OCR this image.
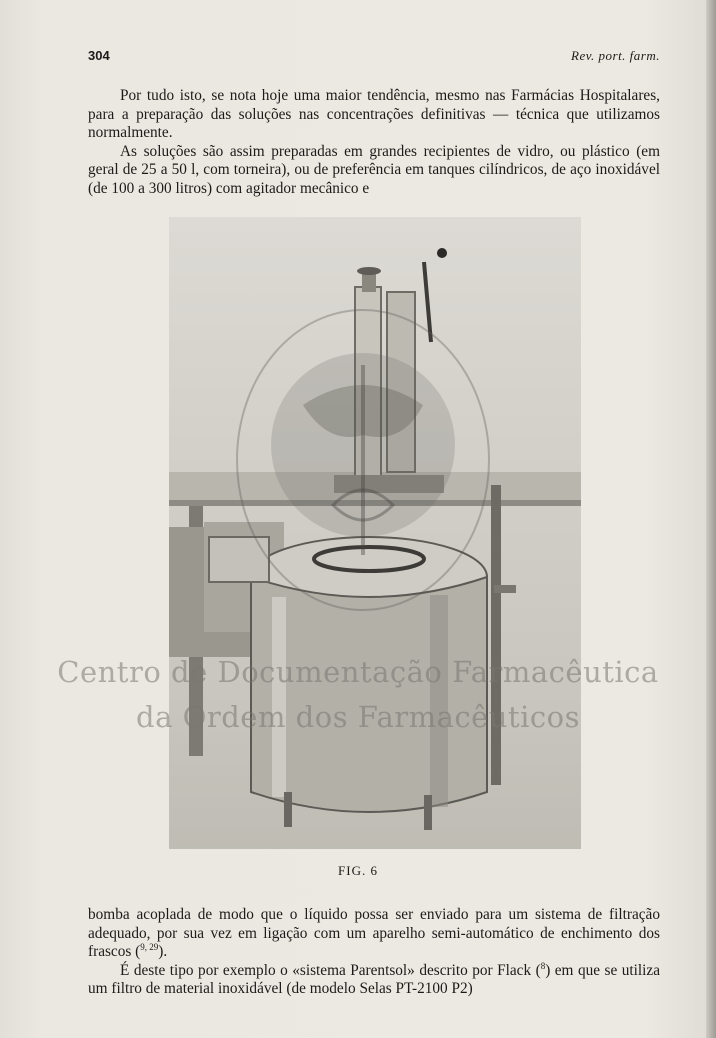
304	Rev. port. farm.

Por tudo isto, se nota hoje uma maior tendência, mesmo nas Farmácias Hospitalares, para a preparação das soluções nas concentrações definitivas — técnica que utilizamos normalmente.

As soluções são assim preparadas em grandes recipientes de vidro, ou plástico (em geral de 25 a 50 l, com torneira), ou de preferência em tanques cilíndricos, de aço inoxidável (de 100 a 300 litros) com agitador mecânico e

FIG. 6
Centro de Documentação Farmacêutica
da Ordem dos Farmacêuticos

bomba acoplada de modo que o líquido possa ser enviado para um sistema de filtração adequado, por sua vez em ligação com um aparelho semi-automático de enchimento dos frascos ($^{9, 29}$).

É deste tipo por exemplo o «sistema Parentsol» descrito por Flack ($^8$) em que se utiliza um filtro de material inoxidável (de modelo Selas PT-2100 P2)
